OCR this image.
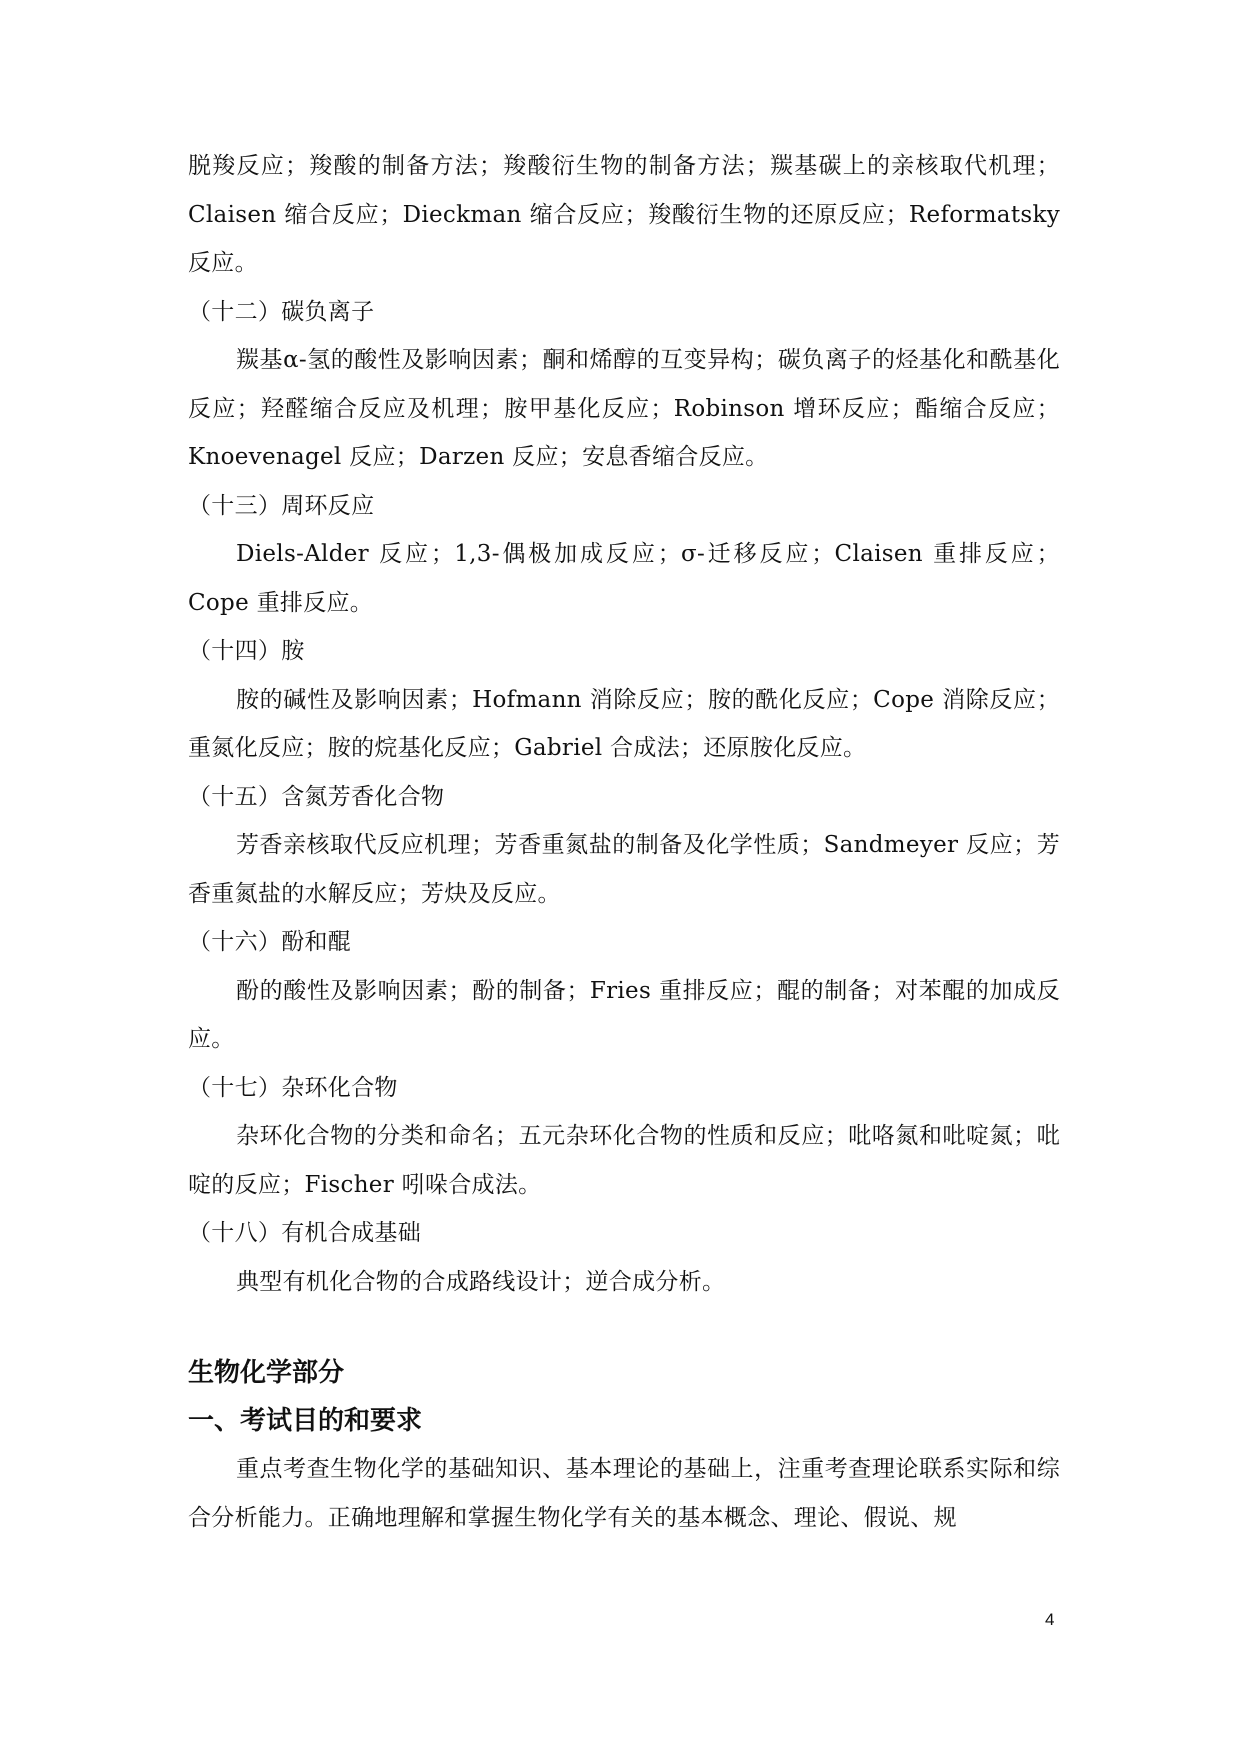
脱羧反应；羧酸的制备方法；羧酸衍生物的制备方法；羰基碳上的亲核取代机理；Claisen 缩合反应；Dieckman 缩合反应；羧酸衍生物的还原反应；Reformatsky 反应。

（十二）碳负离子

羰基α-氢的酸性及影响因素；酮和烯醇的互变异构；碳负离子的烃基化和酰基化反应；羟醛缩合反应及机理；胺甲基化反应；Robinson 增环反应；酯缩合反应；Knoevenagel 反应；Darzen 反应；安息香缩合反应。

（十三）周环反应

Diels-Alder 反应；1,3-偶极加成反应；σ-迁移反应；Claisen 重排反应；Cope 重排反应。

（十四）胺

胺的碱性及影响因素；Hofmann 消除反应；胺的酰化反应；Cope 消除反应；重氮化反应；胺的烷基化反应；Gabriel 合成法；还原胺化反应。

（十五）含氮芳香化合物

芳香亲核取代反应机理；芳香重氮盐的制备及化学性质；Sandmeyer 反应；芳香重氮盐的水解反应；芳炔及反应。

（十六）酚和醌

酚的酸性及影响因素；酚的制备；Fries 重排反应；醌的制备；对苯醌的加成反应。

（十七）杂环化合物

杂环化合物的分类和命名；五元杂环化合物的性质和反应；吡咯氮和吡啶氮；吡啶的反应；Fischer 吲哚合成法。

（十八）有机合成基础

典型有机化合物的合成路线设计；逆合成分析。

生物化学部分

一、考试目的和要求

重点考查生物化学的基础知识、基本理论的基础上，注重考查理论联系实际和综合分析能力。正确地理解和掌握生物化学有关的基本概念、理论、假说、规

4
